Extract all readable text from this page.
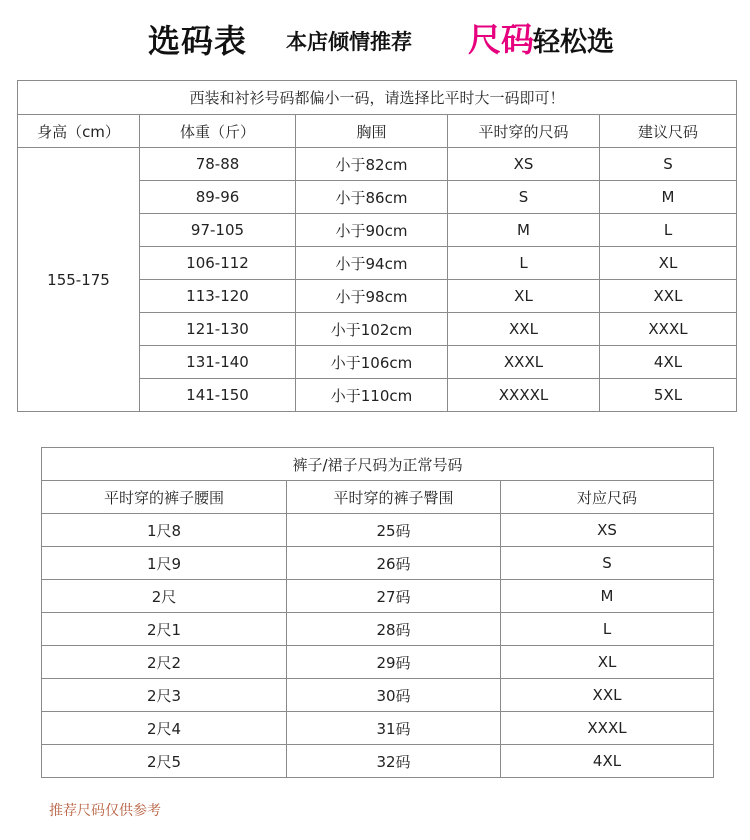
选码表 本店倾情推荐 尺码 轻松选
西装和衬衫号码都偏小一码，请选择比平时大一码即可！				
身高（cm）	体重（斤）	胸围	平时穿的尺码	建议尺码
155-175	78-88	小于82cm	XS	S
	89-96	小于86cm	S	M
	97-105	小于90cm	M	L
	106-112	小于94cm	L	XL
	113-120	小于98cm	XL	XXL
	121-130	小于102cm	XXL	XXXL
	131-140	小于106cm	XXXL	4XL
	141-150	小于110cm	XXXXL	5XL
裤子/裙子尺码为正常号码		
平时穿的裤子腰围	平时穿的裤子臀围	对应尺码
1尺8	25码	XS
1尺9	26码	S
2尺	27码	M
2尺1	28码	L
2尺2	29码	XL
2尺3	30码	XXL
2尺4	31码	XXXL
2尺5	32码	4XL
推荐尺码仅供参考
